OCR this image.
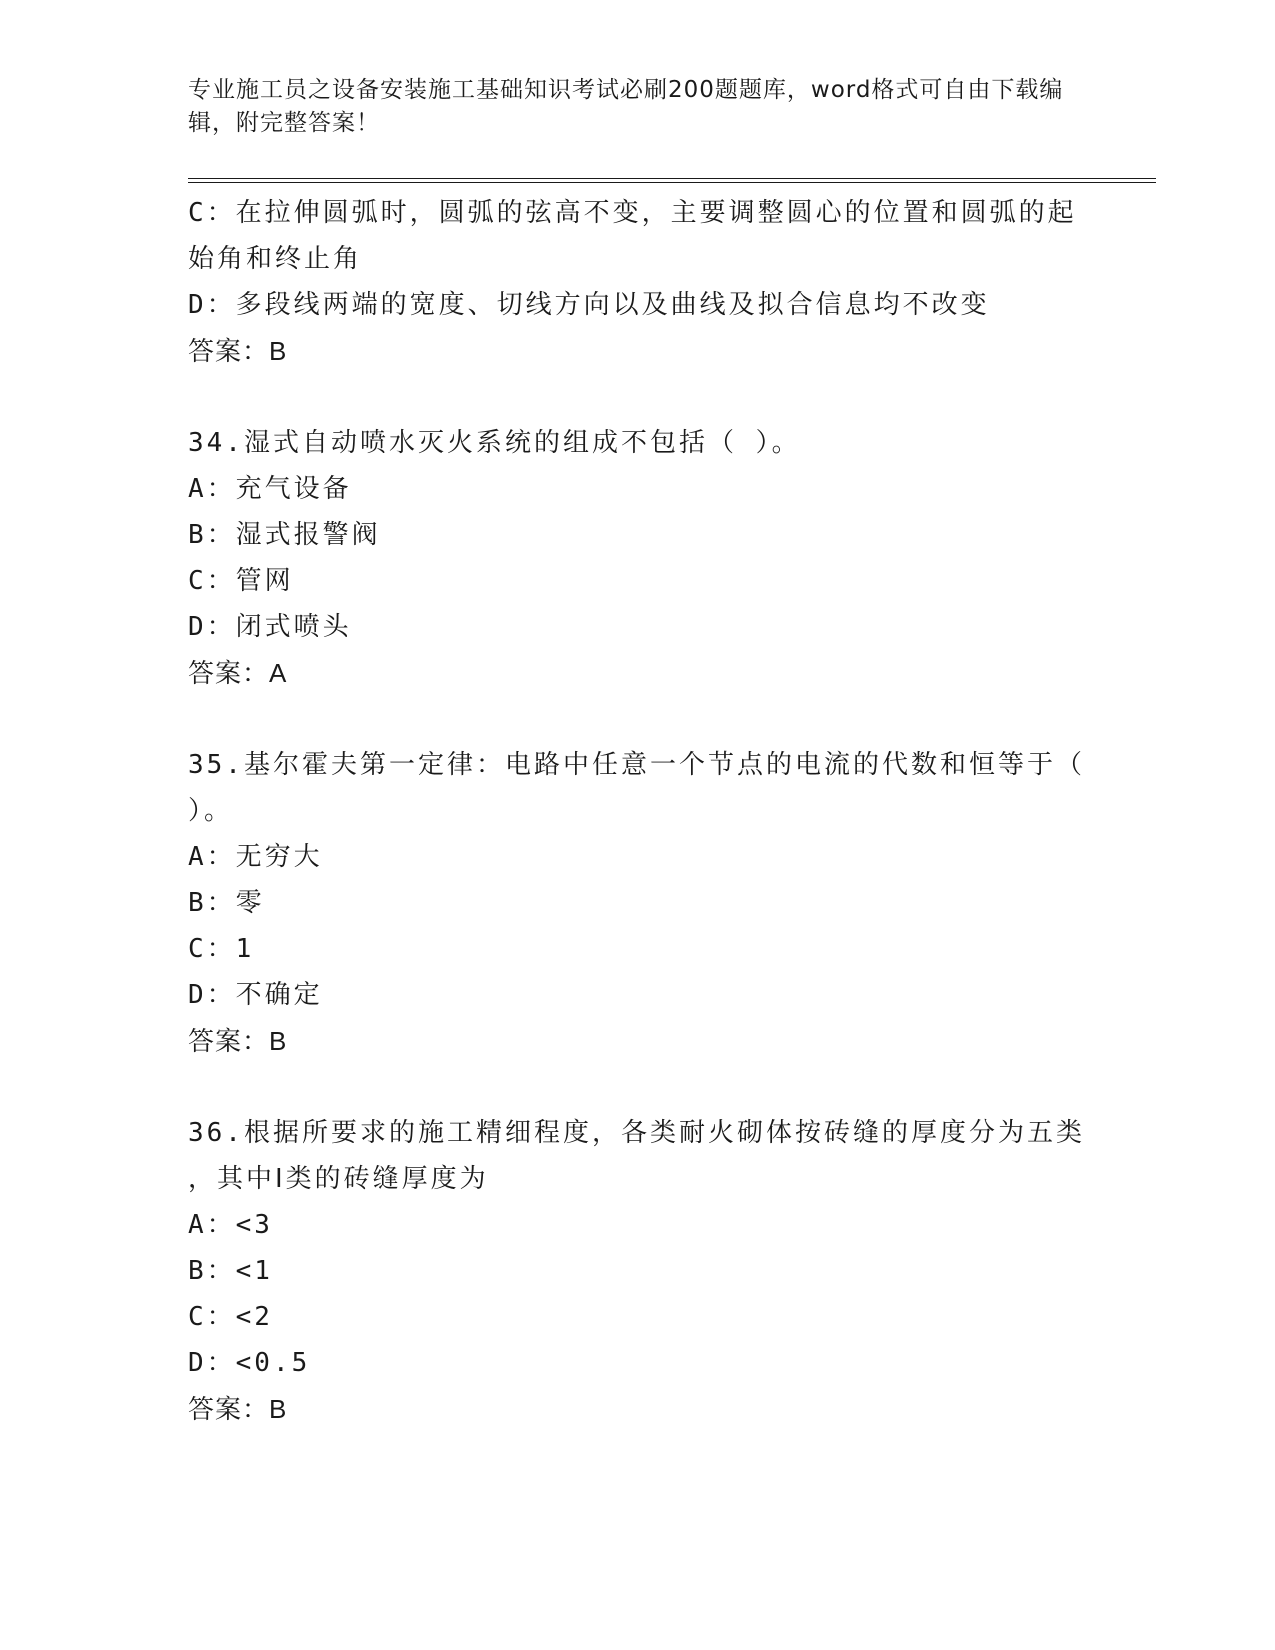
专业施工员之设备安装施工基础知识考试必刷200题题库，word格式可自由下载编辑，附完整答案！
C：在拉伸圆弧时，圆弧的弦高不变，主要调整圆心的位置和圆弧的起
始角和终止角
D：多段线两端的宽度、切线方向以及曲线及拟合信息均不改变
答案：B
34.湿式自动喷水灭火系统的组成不包括（ ）。
A：充气设备
B：湿式报警阀
C：管网
D：闭式喷头
答案：A
35.基尔霍夫第一定律：电路中任意一个节点的电流的代数和恒等于（
）。
A：无穷大
B：零
C：1
D：不确定
答案：B
36.根据所要求的施工精细程度，各类耐火砌体按砖缝的厚度分为五类
，其中Ⅰ类的砖缝厚度为
A：<3
B：<1
C：<2
D：<0.5
答案：B
